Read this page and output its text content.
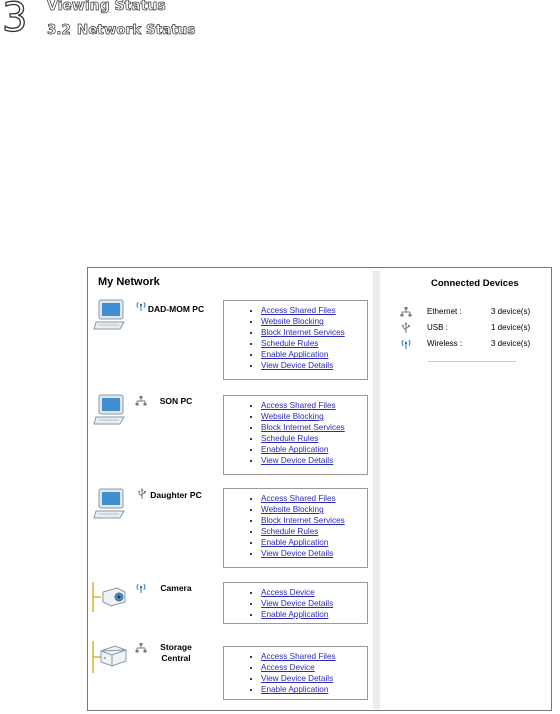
3 Viewing Status
3.2 Network Status
My Network	Connected Devices
DAD-MOM PC	• Access Shared Files
• Website Blocking
• Block Internet Services
• Schedule Rules
• Enable Application
• View Device Details
SON PC	• Access Shared Files
• Website Blocking
• Block Internet Services
• Schedule Rules
• Enable Application
• View Device Details
Daughter PC	• Access Shared Files
• Website Blocking
• Block Internet Services
• Schedule Rules
• Enable Application
• View Device Details
Camera	• Access Device
• View Device Details
• Enable Application
Storage
Central	• Access Shared Files
• Access Device
• View Device Details
• Enable Application
Ethernet :	3 device(s)
USB :	1 device(s)
Wireless :	3 device(s)
